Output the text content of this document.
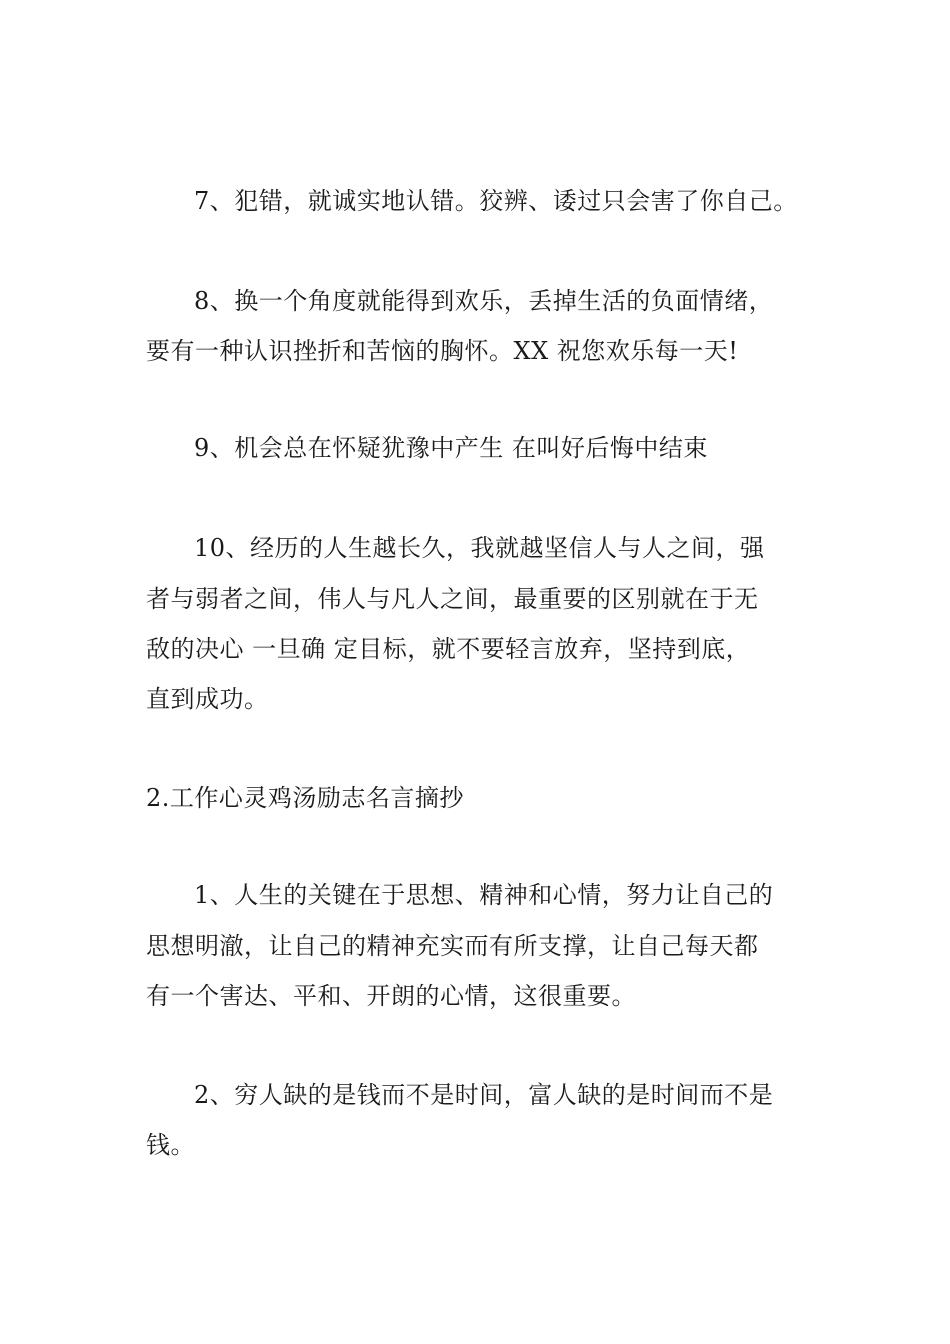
7、犯错，就诚实地认错。狡辨、诿过只会害了你自己。
8、换一个角度就能得到欢乐，丢掉生活的负面情绪，
要有一种认识挫折和苦恼的胸怀。XX 祝您欢乐每一天!
9、机会总在怀疑犹豫中产生 在叫好后悔中结束
10、经历的人生越长久，我就越坚信人与人之间，强
者与弱者之间，伟人与凡人之间，最重要的区别就在于无
敌的决心 一旦确 定目标，就不要轻言放弃，坚持到底，
直到成功。
2.工作心灵鸡汤励志名言摘抄
1、人生的关键在于思想、精神和心情，努力让自己的
思想明澈，让自己的精神充实而有所支撑，让自己每天都
有一个害达、平和、开朗的心情，这很重要。
2、穷人缺的是钱而不是时间，富人缺的是时间而不是
钱。
